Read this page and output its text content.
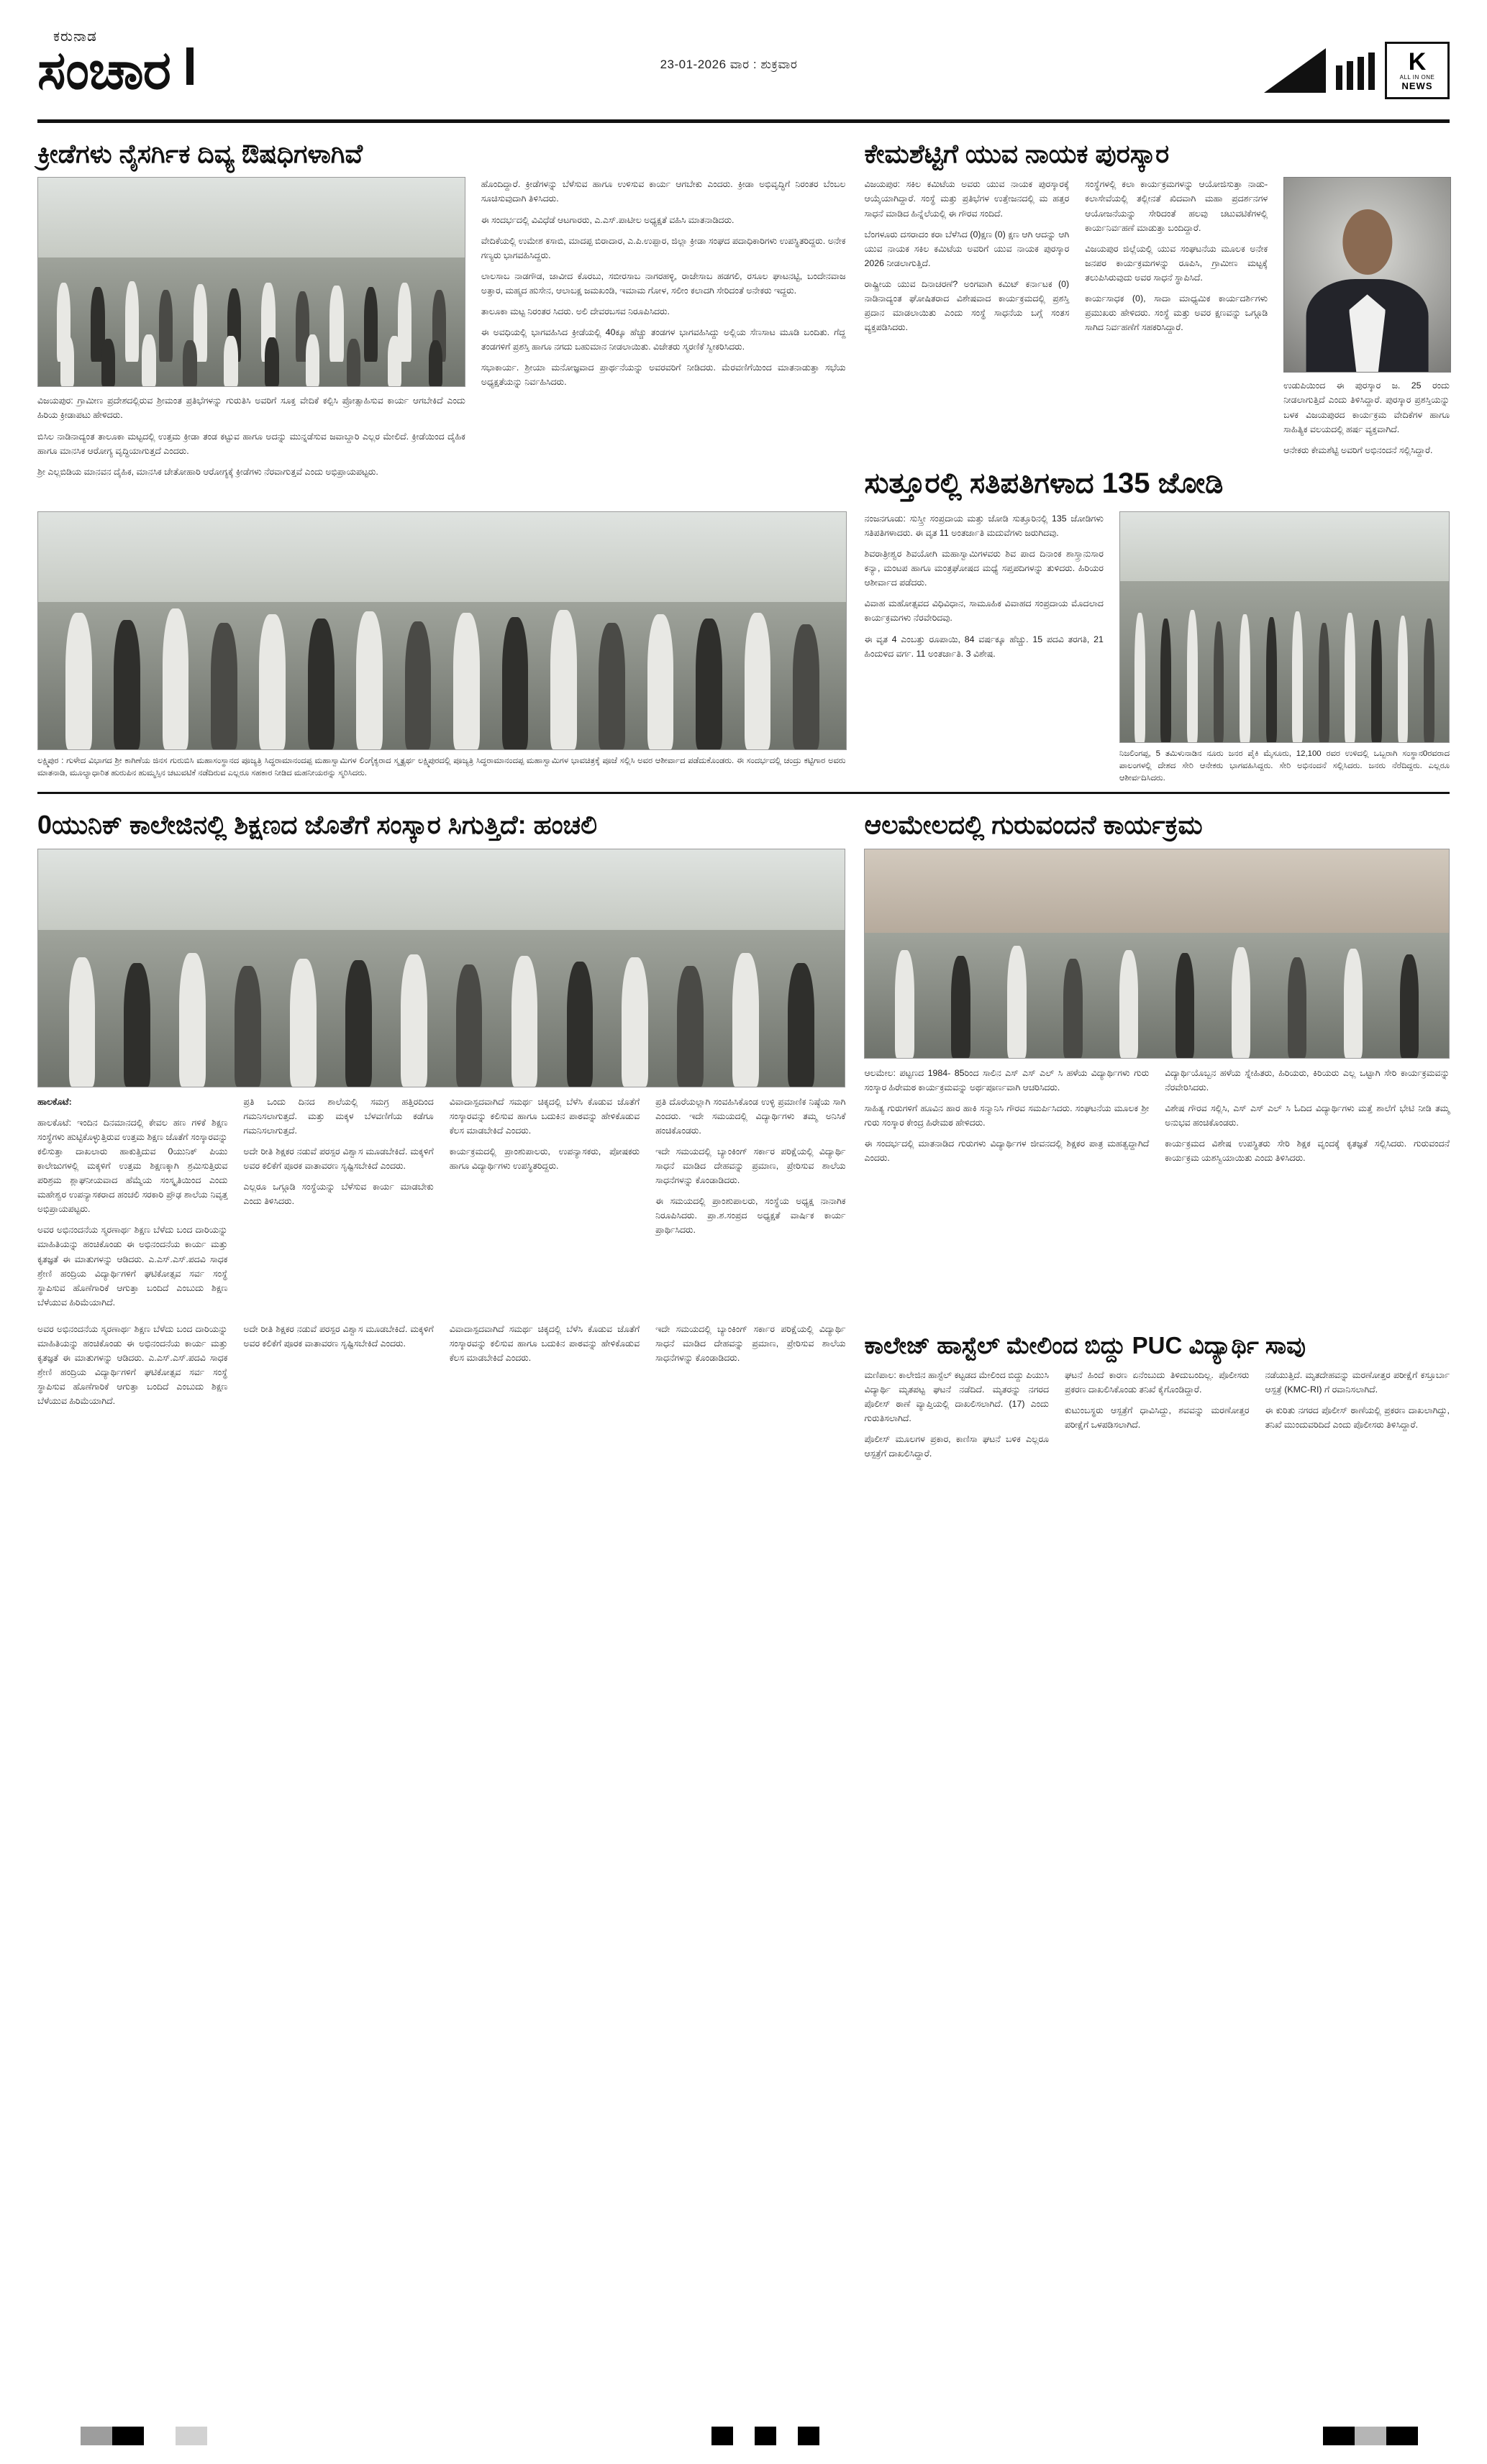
ಕರುನಾಡ
ಸಂಚಾರ	23-01-2026 ವಾರ : ಶುಕ್ರವಾರ	K
ALL IN ONE
NEWS
ಕ್ರೀಡೆಗಳು ನೈಸರ್ಗಿಕ ದಿವ್ಯ ಔಷಧಿಗಳಾಗಿವೆ

ವಿಜಯಪುರ: ಗ್ರಾಮೀಣ ಪ್ರದೇಶದಲ್ಲಿರುವ ಶ್ರೀಮಂತ ಪ್ರತಿಭೆಗಳನ್ನು ಗುರುತಿಸಿ ಅವರಿಗೆ ಸೂಕ್ತ ವೇದಿಕೆ ಕಲ್ಪಿಸಿ ಪ್ರೋತ್ಸಾಹಿಸುವ ಕಾರ್ಯ ಆಗಬೇಕಿದೆ ಎಂದು ಹಿರಿಯ ಕ್ರೀಡಾಪಟು ಹೇಳಿದರು.

ಬಿಸಿಲ ನಾಡಿನಾದ್ಯಂತ ತಾಲೂಕಾ ಮಟ್ಟದಲ್ಲಿ ಉತ್ತಮ ಕ್ರೀಡಾ ತಂಡ ಕಟ್ಟುವ ಹಾಗೂ ಅದನ್ನು ಮುನ್ನಡೆಸುವ ಜವಾಬ್ದಾರಿ ಎಲ್ಲರ ಮೇಲಿದೆ. ಕ್ರೀಡೆಯಿಂದ ದೈಹಿಕ ಹಾಗೂ ಮಾನಸಿಕ ಆರೋಗ್ಯ ವೃದ್ಧಿಯಾಗುತ್ತದೆ ಎಂದರು.

ಶ್ರೀ ಎಲ್ಲಬಿಡಿಯ ಮಾನವನ ದೈಹಿಕ, ಮಾನಸಿಕ ಚೇತೋಹಾರಿ ಆರೋಗ್ಯಕ್ಕೆ ಕ್ರೀಡೆಗಳು ನೆರವಾಗುತ್ತವೆ ಎಂದು ಅಭಿಪ್ರಾಯಪಟ್ಟರು.

ಹೊಂದಿದ್ದಾರೆ. ಕ್ರೀಡೆಗಳನ್ನು ಬೆಳೆಸುವ ಹಾಗೂ ಉಳಿಸುವ ಕಾರ್ಯ ಆಗಬೇಕು ಎಂದರು. ಕ್ರೀಡಾ ಅಭಿವೃದ್ಧಿಗೆ ನಿರಂತರ ಬೆಂಬಲ ಸೂಚಿಸುವುದಾಗಿ ತಿಳಿಸಿದರು.

ಈ ಸಂದರ್ಭದಲ್ಲಿ ವಿವಿಧೆಡೆ ಆಟಗಾರರು, ಎ.ಎಸ್.ಪಾಟೀಲ ಅಧ್ಯಕ್ಷತೆ ವಹಿಸಿ ಮಾತನಾಡಿದರು.

ವೇದಿಕೆಯಲ್ಲಿ ಉಮೇಶ ಕಸಾಬಿ, ಮಾದಪ್ಪ ಬಿರಾದಾರ, ಎ.ಪಿ.ಉಪ್ಪಾರ, ಜಿಲ್ಲಾ ಕ್ರೀಡಾ ಸಂಘದ ಪದಾಧಿಕಾರಿಗಳು ಉಪಸ್ಥಿತರಿದ್ದರು. ಅನೇಕ ಗಣ್ಯರು ಭಾಗವಹಿಸಿದ್ದರು.

ಲಾಲಸಾಬ ನಾಡಗೌಡ, ಜಾವೀದ ಕೊರಬು, ಸಬೀರಸಾಬ ನಾಗರಹಳ್ಳಿ, ರಾಜೇಸಾಬ ಹಡಗಲಿ, ರಸೂಲ ಘಾಟನಟ್ಟಿ, ಬಂದೇನವಾಜ ಅತ್ತಾರ, ಮಹ್ಮದ ಹುಸೇನ, ಆಲಾಬಕ್ಷ ಜಮಖಂಡಿ, ಇಮಾಮ ಗೋಳ, ಸಲೀಂ ಕಲಾದಗಿ ಸೇರಿದಂತೆ ಅನೇಕರು ಇದ್ದರು.

ತಾಲೂಕಾ ಮಟ್ಟ ನಿರಂತರ ಸಿದರು. ಅಲಿ ದೇವರಬಸವ ನಿರೂಪಿಸಿದರು.

ಈ ಅವಧಿಯಲ್ಲಿ ಭಾಗವಹಿಸಿದ ಕ್ರೀಡೆಯಲ್ಲಿ 40ಕ್ಕೂ ಹೆಚ್ಚು ತಂಡಗಳ ಭಾಗವಹಿಸಿದ್ದು ಅಲ್ಲಿಯ ಸೆಣಸಾಟ ಮೂಡಿ ಬಂದಿತು. ಗೆದ್ದ ತಂಡಗಳಿಗೆ ಪ್ರಶಸ್ತಿ ಹಾಗೂ ನಗದು ಬಹುಮಾನ ನೀಡಲಾಯಿತು. ವಿಜೇತರು ಸ್ಮರಣಿಕೆ ಸ್ವೀಕರಿಸಿದರು.

ಸಭಾಕಾರ್ಯ. ಶ್ರೀಯಾ ಮನೋಜ್ಞವಾದ ಪ್ರಾರ್ಥನೆಯನ್ನು ಅವರವರಿಗೆ ನೀಡಿದರು. ಮೆರವಣಿಗೆಯಿಂದ ಮಾತನಾಡುತ್ತಾ ಸಭೆಯ ಅಧ್ಯಕ್ಷತೆಯನ್ನು ನಿರ್ವಹಿಸಿದರು.

ಕೇಮಶೆಟ್ಟಿಗೆ ಯುವ ನಾಯಕ ಪುರಸ್ಕಾರ

ವಿಜಯಪುರ: ಸಕಿಲ ಕಮಿಟೆಯ ಅವರು ಯುವ ನಾಯಕ ಪುರಸ್ಕಾರಕ್ಕೆ ಆಯ್ಕೆಯಾಗಿದ್ದಾರೆ. ಸಂಸ್ಥೆ ಮತ್ತು ಪ್ರತಿಭೆಗಳ ಉತ್ತೇಜನದಲ್ಲಿ ಮ ಹತ್ತರ ಸಾಧನೆ ಮಾಡಿದ ಹಿನ್ನೆಲೆಯಲ್ಲಿ ಈ ಗೌರವ ಸಂದಿದೆ.

ಬೆಂಗಳೂರು ದಸರಾದಂ ಕರಾ ಬೆಳೆಸಿದ (0)ಕ್ಷಣ (0) ಕ್ಷಣ ಆಗಿ ಆದನ್ನು ಆಗಿ ಯುವ ನಾಯಕ ಸಕಿಲ ಕಮಿಟೆಯ ಅವರಿಗೆ ಯುವ ನಾಯಕ ಪುರಸ್ಕಾರ 2026 ನೀಡಲಾಗುತ್ತಿದೆ.

ರಾಷ್ಟ್ರೀಯ ಯುವ ದಿನಾಚರಣೆ? ಅಂಗವಾಗಿ ಕಮಿಟ್ ಕರ್ನಾಟಕ (0) ನಾಡಿನಾದ್ಯಂತ ಘೋಷಿತರಾದ ವಿಶೇಷವಾದ ಕಾರ್ಯಕ್ರಮದಲ್ಲಿ ಪ್ರಶಸ್ತಿ ಪ್ರದಾನ ಮಾಡಲಾಯಿತು ಎಂದು ಸಂಸ್ಥೆ ಸಾಧನೆಯ ಬಗ್ಗೆ ಸಂತಸ ವ್ಯಕ್ತಪಡಿಸಿದರು.

ಸಂಸ್ಥೆಗಳಲ್ಲಿ ಕಲಾ ಕಾರ್ಯಕ್ರಮಗಳನ್ನು ಆಯೋಜಿಸುತ್ತಾ ನಾಡು-ಕಲಾಸೇವೆಯಲ್ಲಿ ತಲ್ಲೀನತೆ ಖಿದವಾಗಿ ಮಹಾ ಪ್ರದರ್ಶನಗಳ ಆಯೋಜನೆಯನ್ನು ಸೇರಿದಂತೆ ಹಲವು ಚಟುವಟಿಕೆಗಳಲ್ಲಿ ಕಾರ್ಯನಿರ್ವಹಣೆ ಮಾಡುತ್ತಾ ಬಂದಿದ್ದಾರೆ.

ವಿಜಯಪುರ ಜಿಲ್ಲೆಯಲ್ಲಿ ಯುವ ಸಂಘಟನೆಯ ಮೂಲಕ ಅನೇಕ ಜನಪರ ಕಾರ್ಯಕ್ರಮಗಳನ್ನು ರೂಪಿಸಿ, ಗ್ರಾಮೀಣ ಮಟ್ಟಕ್ಕೆ ತಲುಪಿಸಿರುವುದು ಅವರ ಸಾಧನೆ ಸ್ಥಾಪಿಸಿದೆ.

ಕಾರ್ಯಸಾಧಕ (0), ಸಾದಾ ಮಾಧ್ಯಮಿಕ ಕಾರ್ಯದರ್ಶಿಗಳು ಪ್ರಮುಖರು ಹೇಳಿದರು. ಸಂಸ್ಥೆ ಮತ್ತು ಅವರ ಕ್ಷಣವನ್ನು ಒಗ್ಗೂಡಿ ಸಾಗಿದ ನಿರ್ವಹಣೆಗೆ ಸಹಕರಿಸಿದ್ದಾರೆ.

ಉಡುಪಿಯಿಂದ ಈ ಪುರಸ್ಕಾರ ಜ. 25 ರಂದು ನೀಡಲಾಗುತ್ತಿದೆ ಎಂದು ತಿಳಿಸಿದ್ದಾರೆ. ಪುರಸ್ಕಾರ ಪ್ರಶಸ್ತಿಯನ್ನು ಬಳಕ ವಿಜಯಪುರದ ಕಾರ್ಯಕ್ರಮ ವೇದಿಕೆಗಳ ಹಾಗೂ ಸಾಹಿತ್ಯಿಕ ವಲಯದಲ್ಲಿ ಹರ್ಷ ವ್ಯಕ್ತವಾಗಿದೆ.

ಆನೇಕರು ಕೇಮಶೆಟ್ಟಿ ಅವರಿಗೆ ಅಭಿನಂದನೆ ಸಲ್ಲಿಸಿದ್ದಾರೆ.

ಸುತ್ತೂರಲ್ಲಿ ಸತಿಪತಿಗಳಾದ 135 ಜೋಡಿ
ಲಕ್ಷ್ಮಿಪುರ : ಗುಳೇದ ವಿಭಾಗದ ಶ್ರೀ ಕಾಗಿಣೆಯ ಜಿನಸ ಗುರುಬಿಸಿ ಮಹಾಸಂಸ್ಥಾನದ ಪೂಜ್ಯತ್ರಿ ಸಿದ್ಧರಾಮಾನಂದಪ್ಪ ಮಹಾಸ್ವಾಮಿಗಳ ಲಿಂಗೈಕ್ಯರಾದ ಸ್ಮೃತ್ಯರ್ಥ ಲಕ್ಷ್ಮಿಪುರದಲ್ಲಿ ಪೂಜ್ಯತ್ರಿ ಸಿದ್ಧರಾಮಾನಂದಪ್ಪ ಮಹಾಸ್ವಾಮಿಗಳ ಭಾವಚಿತ್ರಕ್ಕೆ ಪೂಜೆ ಸಲ್ಲಿಸಿ ಅವರ ಆಶೀರ್ವಾದ ಪಡೆದುಕೊಂಡರು. ಈ ಸಂದರ್ಭದಲ್ಲಿ ಚಂದ್ರು ಕಟ್ಟಿಗಾರ ಅವರು ಮಾತನಾಡಿ, ಮೂಲ್ಯಾಧಾರಿತ ಹುರುಪಿನ ಹುಮ್ಮಸ್ಸಿನ ಚಟುವಟಿಕೆ ನಡೆದಿರುವ ಎಲ್ಲರೂ ಸಹಕಾರ ನೀಡಿದ ಮಹನೀಯರನ್ನು ಸ್ಮರಿಸಿದರು.

ನಂಜನಗೂಡು: ಸುಸ್ತ್ರೀ ಸಂಪ್ರದಾಯ ಮತ್ತು ಜೋಡಿ ಸುತ್ತೂರಿನಲ್ಲಿ 135 ಜೋಡಿಗಳು ಸತಿಪತಿಗಳಾದರು. ಈ ವೃತ 11 ಅಂತರ್ಜಾತಿ ಮದುವೆಗಳು ಜರುಗಿದವು.

ಶಿವರಾತ್ರೀಶ್ವರ ಶಿವಯೋಗಿ ಮಹಾಸ್ವಾಮಿಗಳವರು ಶಿವ ಪಾದ ದಿನಾಂಕ ಶಾಸ್ತ್ರಾನುಸಾರ ಕನ್ಯಾ, ಮಂಟಪ ಹಾಗೂ ಮಂತ್ರಘೋಷದ ಮಧ್ಯೆ ಸಪ್ತಪದಿಗಳನ್ನು ತುಳಿದರು. ಹಿರಿಯರ ಆಶೀರ್ವಾದ ಪಡೆದರು.

ವಿವಾಹ ಮಹೋತ್ಸವದ ವಿಧಿವಿಧಾನ, ಸಾಮೂಹಿಕ ವಿವಾಹದ ಸಂಪ್ರದಾಯ ಮೊದಲಾದ ಕಾರ್ಯಕ್ರಮಗಳು ನೆರವೇರಿದವು.

ಈ ವೃತ 4 ಎಂಬತ್ತು ರೂಪಾಯಿ, 84 ವರ್ಷಕ್ಕೂ ಹೆಚ್ಚು. 15 ಪದವಿ ತರಗತಿ, 21 ಹಿಂದುಳಿದ ವರ್ಗ. 11 ಅಂತರ್ಜಾತಿ. 3 ವಿಶೇಷ.

ನಿಜಲಿಂಗಪ್ಪ, 5 ತಮಿಳುನಾಡಿನ ನೂರು ಜನರ ಪೈಕಿ ಮೈಸೂರು, 12,100 ರವರ ಉಳಿದಲ್ಲಿ ಒಬ್ಬರಾಗಿ ಸಂಸ್ಥಾನ0ರವರಾದ ಪಾಲಂಗಳಲ್ಲಿ ದೇಶದ ಸೇರಿ ಆನೇಕರು ಭಾಗವಹಿಸಿದ್ದರು. ಸೇರಿ ಅಭಿನಂದನೆ ಸಲ್ಲಿಸಿದರು. ಜನರು ನೆರೆದಿದ್ದರು. ಎಲ್ಲರೂ ಆಶೀರ್ವದಿಸಿದರು.
0ಯುನಿಕ್ ಕಾಲೇಜಿನಲ್ಲಿ ಶಿಕ್ಷಣದ ಜೊತೆಗೆ ಸಂಸ್ಕಾರ ಸಿಗುತ್ತಿದೆ: ಹಂಚಲಿ

ಹಾಲಕೊಟೆ:

ಹಾಲಕೊಟೆ: ಇಂದಿನ ದಿನಮಾನದಲ್ಲಿ ಕೇವಲ ಹಣ ಗಳಿಕೆ ಶಿಕ್ಷಣ ಸಂಸ್ಥೆಗಳು ಹುಟ್ಟಿಕೊಳ್ಳುತ್ತಿರುವ ಉತ್ತಮ ಶಿಕ್ಷಣ ಜೊತೆಗೆ ಸಂಸ್ಕಾರವನ್ನು ಕಲಿಸುತ್ತಾ ದಾಖಲಾರು ಹಾಕುತ್ತಿದುವ 0ಯುನಿಕ್ ಪಿಯು ಕಾಲೇಜುಗಳಲ್ಲಿ ಮಕ್ಕಳಿಗೆ ಉತ್ತಮ ಶಿಕ್ಷಣಕ್ಕಾಗಿ ಶ್ರಮಿಸುತ್ತಿರುವ ಪರಿಶ್ರಮ ಶ್ಲಾಘನೀಯವಾದ ಹೆಮ್ಮೆಯ ಸಂಸ್ಕೃತಿಯಿಂದ ಎಂದು ಮಹೇಶ್ವರ ಉಪನ್ಯಾಸಕರಾದ ಹಂಚಲಿ ಸರಕಾರಿ ಪ್ರೌಢ ಶಾಲೆಯ ನಿವೃತ್ತ ಅಭಿಪ್ರಾಯಪಟ್ಟರು.

ಅವರ ಅಭಿನಂದನೆಯ ಸ್ಮರಣಾರ್ಥ ಶಿಕ್ಷಣ ಬೆಳೆದು ಬಂದ ದಾರಿಯನ್ನು ಮಾಹಿತಿಯನ್ನು ಹಂಚಿಕೊಂಡು ಈ ಅಭಿನಂದನೆಯ ಕಾರ್ಯ ಮತ್ತು ಕೃತಜ್ಞತೆ ಈ ಮಾತುಗಳನ್ನು ಆಡಿದರು. ಎ.ಎಸ್.ಎಸ್.ಪದವಿ ಸಾಧಕ ಶ್ರೇಣಿ ಹಂದ್ರಿಯ ವಿದ್ಯಾರ್ಥಿಗಳಿಗೆ ಘಟಿಕೋತ್ಸವ ಸರ್ವ ಸಂಸ್ಥೆ ಸ್ಥಾಪಿಸುವ ಹೊಣೆಗಾರಿಕೆ ಆಗುತ್ತಾ ಬಂದಿದೆ ಎಂಬುದು ಶಿಕ್ಷಣ ಬೆಳೆಯುವ ಹಿರಿಮೆಯಾಗಿದೆ.

ಪ್ರತಿ ಒಂದು ದಿನದ ಶಾಲೆಯಲ್ಲಿ ಸಮಗ್ರ ಹತ್ತಿರದಿಂದ ಗಮನಿಸಲಾಗುತ್ತದೆ. ಮತ್ತು ಮಕ್ಕಳ ಬೆಳವಣಿಗೆಯ ಕಡೆಗೂ ಗಮನಿಸಲಾಗುತ್ತದೆ.

ಅದೇ ರೀತಿ ಶಿಕ್ಷಕರ ನಡುವೆ ಪರಸ್ಪರ ವಿಶ್ವಾಸ ಮೂಡಬೇಕಿದೆ. ಮಕ್ಕಳಿಗೆ ಅವರ ಕಲಿಕೆಗೆ ಪೂರಕ ವಾತಾವರಣ ಸೃಷ್ಟಿಸಬೇಕಿದೆ ಎಂದರು.

ಎಲ್ಲರೂ ಒಗ್ಗೂಡಿ ಸಂಸ್ಥೆಯನ್ನು ಬೆಳೆಸುವ ಕಾರ್ಯ ಮಾಡಬೇಕು ಎಂದು ತಿಳಿಸಿದರು.

ವಿವಾದಾಸ್ಪದವಾಗಿದೆ ಸಮರ್ಥ ಚಿಕ್ಕದಲ್ಲಿ ಬೆಳೆಸಿ ಕೊಡುವ ಜೊತೆಗೆ ಸಂಸ್ಕಾರವನ್ನು ಕಲಿಸುವ ಹಾಗೂ ಬದುಕಿನ ಪಾಠವನ್ನು ಹೇಳಿಕೊಡುವ ಕೆಲಸ ಮಾಡಬೇಕಿದೆ ಎಂದರು.

ಕಾರ್ಯಕ್ರಮದಲ್ಲಿ ಪ್ರಾಂಶುಪಾಲರು, ಉಪನ್ಯಾಸಕರು, ಪೋಷಕರು ಹಾಗೂ ವಿದ್ಯಾರ್ಥಿಗಳು ಉಪಸ್ಥಿತರಿದ್ದರು.

ಪ್ರತಿ ದೊರೆಯಲ್ಲಾಗಿ ಸಂವಹಿಸಿಕೊಂಡ ಉಳ್ಳಿ ಪ್ರಮಾಣಿಕ ನಿಷ್ಠೆಯ ಸಾಗಿ ಎಂದರು. ಇದೇ ಸಮಯದಲ್ಲಿ ವಿದ್ಯಾರ್ಥಿಗಳು ತಮ್ಮ ಅನಿಸಿಕೆ ಹಂಚಿಕೊಂಡರು.

ಇದೇ ಸಮಯದಲ್ಲಿ ಬ್ಯಾಂಕಿಂಗ್ ಸರ್ಕಾರ ಪರಿಕ್ಷೆಯಲ್ಲಿ ವಿದ್ಯಾರ್ಥಿ ಸಾಧನೆ ಮಾಡಿದ ದೇಹವನ್ನು ಪ್ರಮಾಣ, ಪ್ರೇರಿಸುವ ಶಾಲೆಯ ಸಾಧನೆಗಳನ್ನು ಕೊಂಡಾಡಿದರು.

ಈ ಸಮಯದಲ್ಲಿ ಪ್ರಾಂಶುಪಾಲರು, ಸಂಸ್ಥೆಯ ಅಧ್ಯಕ್ಷ ನಾನಾಗಿಕ ನಿರೂಪಿಸಿದರು. ಪ್ರಾ.ಶ.ಸಂಪ್ರದ ಅಧ್ಯಕ್ಷತೆ ವಾರ್ಷಿಕ ಕಾರ್ಯ ಪ್ರಾರ್ಥಿಸಿದರು.

ಆಲಮೇಲದಲ್ಲಿ ಗುರುವಂದನೆ ಕಾರ್ಯಕ್ರಮ

ಆಲಮೇಲ: ಪಟ್ಟಣದ 1984- 85ರಿಂದ ಸಾಲಿನ ಎಸ್ ಎಸ್ ಎಲ್ ಸಿ ಹಳೆಯ ವಿದ್ಯಾರ್ಥಿಗಳು ಗುರು ಸಂಸ್ಕಾರ ಹಿರೇಮಠ ಕಾರ್ಯಕ್ರಮವನ್ನು ಅರ್ಥಪೂರ್ಣವಾಗಿ ಆಚರಿಸಿದರು.

ಸಾಹಿತ್ಯ ಗುರುಗಳಿಗೆ ಹೂವಿನ ಹಾರ ಹಾಕಿ ಸನ್ಮಾನಿಸಿ ಗೌರವ ಸಮರ್ಪಿಸಿದರು. ಸಂಘಟನೆಯ ಮೂಲಕ ಶ್ರೀ ಗುರು ಸಂಸ್ಕಾರ ಕೇಂದ್ರ ಹಿರೇಮಠ ಹೇಳಿದರು.

ಈ ಸಂದರ್ಭದಲ್ಲಿ ಮಾತನಾಡಿದ ಗುರುಗಳು ವಿದ್ಯಾರ್ಥಿಗಳ ಜೀವನದಲ್ಲಿ ಶಿಕ್ಷಕರ ಪಾತ್ರ ಮಹತ್ವದ್ದಾಗಿದೆ ಎಂದರು.

ವಿದ್ಯಾರ್ಥಿಯೊಬ್ಬನ ಹಳೆಯ ಸ್ನೇಹಿತರು, ಹಿರಿಯರು, ಕಿರಿಯರು ಎಲ್ಲ ಒಟ್ಟಾಗಿ ಸೇರಿ ಕಾರ್ಯಕ್ರಮವನ್ನು ನೆರವೇರಿಸಿದರು.

ವಿಶೇಷ ಗೌರವ ಸಲ್ಲಿಸಿ, ಎಸ್ ಎಸ್ ಎಲ್ ಸಿ ಓದಿದ ವಿದ್ಯಾರ್ಥಿಗಳು ಮತ್ತೆ ಶಾಲೆಗೆ ಭೇಟಿ ನೀಡಿ ತಮ್ಮ ಅನುಭವ ಹಂಚಿಕೊಂಡರು.

ಕಾರ್ಯಕ್ರಮದ ವಿಶೇಷ ಉಪಸ್ಥಿತರು ಸೇರಿ ಶಿಕ್ಷಕ ವೃಂದಕ್ಕೆ ಕೃತಜ್ಞತೆ ಸಲ್ಲಿಸಿದರು. ಗುರುವಂದನೆ ಕಾರ್ಯಕ್ರಮ ಯಶಸ್ವಿಯಾಯಿತು ಎಂದು ತಿಳಿಸಿದರು.

ಅವರ ಅಭಿನಂದನೆಯ ಸ್ಮರಣಾರ್ಥ ಶಿಕ್ಷಣ ಬೆಳೆದು ಬಂದ ದಾರಿಯನ್ನು ಮಾಹಿತಿಯನ್ನು ಹಂಚಿಕೊಂಡು ಈ ಅಭಿನಂದನೆಯ ಕಾರ್ಯ ಮತ್ತು ಕೃತಜ್ಞತೆ ಈ ಮಾತುಗಳನ್ನು ಆಡಿದರು. ಎ.ಎಸ್.ಎಸ್.ಪದವಿ ಸಾಧಕ ಶ್ರೇಣಿ ಹಂದ್ರಿಯ ವಿದ್ಯಾರ್ಥಿಗಳಿಗೆ ಘಟಿಕೋತ್ಸವ ಸರ್ವ ಸಂಸ್ಥೆ ಸ್ಥಾಪಿಸುವ ಹೊಣೆಗಾರಿಕೆ ಆಗುತ್ತಾ ಬಂದಿದೆ ಎಂಬುದು ಶಿಕ್ಷಣ ಬೆಳೆಯುವ ಹಿರಿಮೆಯಾಗಿದೆ.

ಅದೇ ರೀತಿ ಶಿಕ್ಷಕರ ನಡುವೆ ಪರಸ್ಪರ ವಿಶ್ವಾಸ ಮೂಡಬೇಕಿದೆ. ಮಕ್ಕಳಿಗೆ ಅವರ ಕಲಿಕೆಗೆ ಪೂರಕ ವಾತಾವರಣ ಸೃಷ್ಟಿಸಬೇಕಿದೆ ಎಂದರು.

ವಿವಾದಾಸ್ಪದವಾಗಿದೆ ಸಮರ್ಥ ಚಿಕ್ಕದಲ್ಲಿ ಬೆಳೆಸಿ ಕೊಡುವ ಜೊತೆಗೆ ಸಂಸ್ಕಾರವನ್ನು ಕಲಿಸುವ ಹಾಗೂ ಬದುಕಿನ ಪಾಠವನ್ನು ಹೇಳಿಕೊಡುವ ಕೆಲಸ ಮಾಡಬೇಕಿದೆ ಎಂದರು.

ಇದೇ ಸಮಯದಲ್ಲಿ ಬ್ಯಾಂಕಿಂಗ್ ಸರ್ಕಾರ ಪರಿಕ್ಷೆಯಲ್ಲಿ ವಿದ್ಯಾರ್ಥಿ ಸಾಧನೆ ಮಾಡಿದ ದೇಹವನ್ನು ಪ್ರಮಾಣ, ಪ್ರೇರಿಸುವ ಶಾಲೆಯ ಸಾಧನೆಗಳನ್ನು ಕೊಂಡಾಡಿದರು.	ಕಾಲೇಜ್ ಹಾಸ್ಟೆಲ್ ಮೇಲಿಂದ ಬಿದ್ದು PUC ವಿದ್ಯಾರ್ಥಿ ಸಾವು

ಮಣಿಪಾಲ: ಕಾಲೇಜಿನ ಹಾಸ್ಟೆಲ್ ಕಟ್ಟಡದ ಮೇಲಿಂದ ಬಿದ್ದು ಪಿಯುಸಿ ವಿದ್ಯಾರ್ಥಿ ಮೃತಪಟ್ಟ ಘಟನೆ ನಡೆದಿದೆ. ಮೃತರನ್ನು ನಗರದ ಪೊಲೀಸ್ ಠಾಣೆ ವ್ಯಾಪ್ತಿಯಲ್ಲಿ ದಾಖಲಿಸಲಾಗಿದೆ. (17) ಎಂದು ಗುರುತಿಸಲಾಗಿದೆ.

ಪೊಲೀಸ್ ಮೂಲಗಳ ಪ್ರಕಾರ, ಕಾಣಿಸಾ ಘಟನೆ ಬಳಿಕ ಎಲ್ಲರೂ ಆಸ್ಪತ್ರೆಗೆ ದಾಖಲಿಸಿದ್ದಾರೆ.

ಘಟನೆ ಹಿಂದೆ ಕಾರಣ ಏನೆಂಬುದು ತಿಳಿದುಬಂದಿಲ್ಲ. ಪೊಲೀಸರು ಪ್ರಕರಣ ದಾಖಲಿಸಿಕೊಂಡು ತನಿಖೆ ಕೈಗೊಂಡಿದ್ದಾರೆ.

ಕುಟುಂಬಸ್ಥರು ಆಸ್ಪತ್ರೆಗೆ ಧಾವಿಸಿದ್ದು, ಶವವನ್ನು ಮರಣೋತ್ತರ ಪರೀಕ್ಷೆಗೆ ಒಳಪಡಿಸಲಾಗಿದೆ.

ನಡೆಯುತ್ತಿದೆ. ಮೃತದೇಹವನ್ನು ಮರಣೋತ್ತರ ಪರೀಕ್ಷೆಗೆ ಕಸ್ತೂರ್ಬಾ ಆಸ್ಪತ್ರೆ (KMC-RI) ಗೆ ರವಾನಿಸಲಾಗಿದೆ.

ಈ ಕುರಿತು ನಗರದ ಪೊಲೀಸ್ ಠಾಣೆಯಲ್ಲಿ ಪ್ರಕರಣ ದಾಖಲಾಗಿದ್ದು, ತನಿಖೆ ಮುಂದುವರಿದಿದೆ ಎಂದು ಪೊಲೀಸರು ತಿಳಿಸಿದ್ದಾರೆ.
